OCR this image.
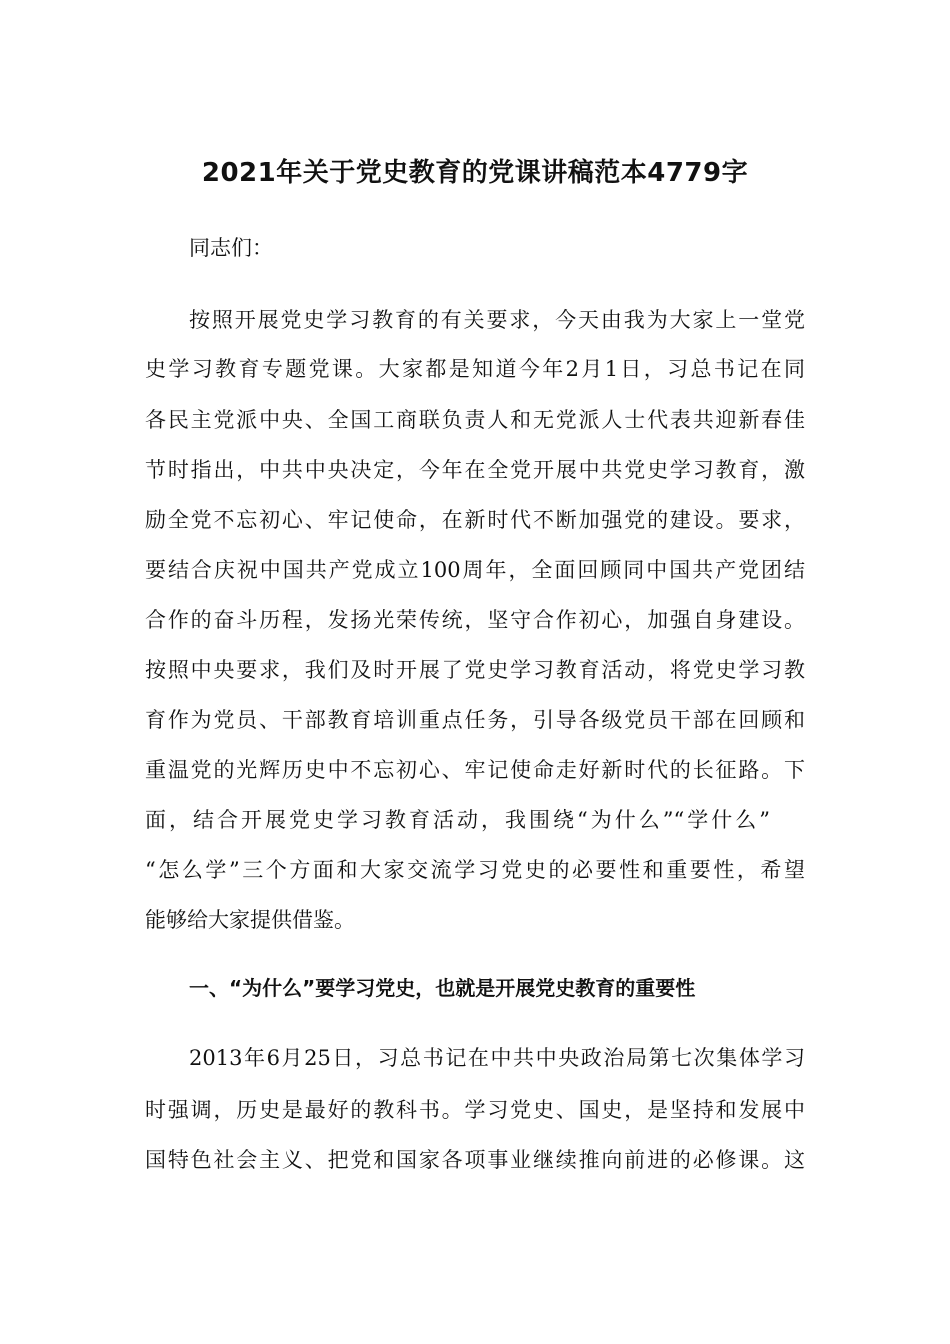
2021年关于党史教育的党课讲稿范本4779字
同志们：
按照开展党史学习教育的有关要求，今天由我为大家上一堂党
史学习教育专题党课。大家都是知道今年2月1日，习总书记在同
各民主党派中央、全国工商联负责人和无党派人士代表共迎新春佳
节时指出，中共中央决定，今年在全党开展中共党史学习教育，激
励全党不忘初心、牢记使命，在新时代不断加强党的建设。要求，
要结合庆祝中国共产党成立100周年，全面回顾同中国共产党团结
合作的奋斗历程，发扬光荣传统，坚守合作初心，加强自身建设。
按照中央要求，我们及时开展了党史学习教育活动，将党史学习教
育作为党员、干部教育培训重点任务，引导各级党员干部在回顾和
重温党的光辉历史中不忘初心、牢记使命走好新时代的长征路。下
面，结合开展党史学习教育活动，我围绕“为什么”“学什么”
“怎么学”三个方面和大家交流学习党史的必要性和重要性，希望
能够给大家提供借鉴。
一、“为什么”要学习党史，也就是开展党史教育的重要性
2013年6月25日，习总书记在中共中央政治局第七次集体学习
时强调，历史是最好的教科书。学习党史、国史，是坚持和发展中
国特色社会主义、把党和国家各项事业继续推向前进的必修课。这
